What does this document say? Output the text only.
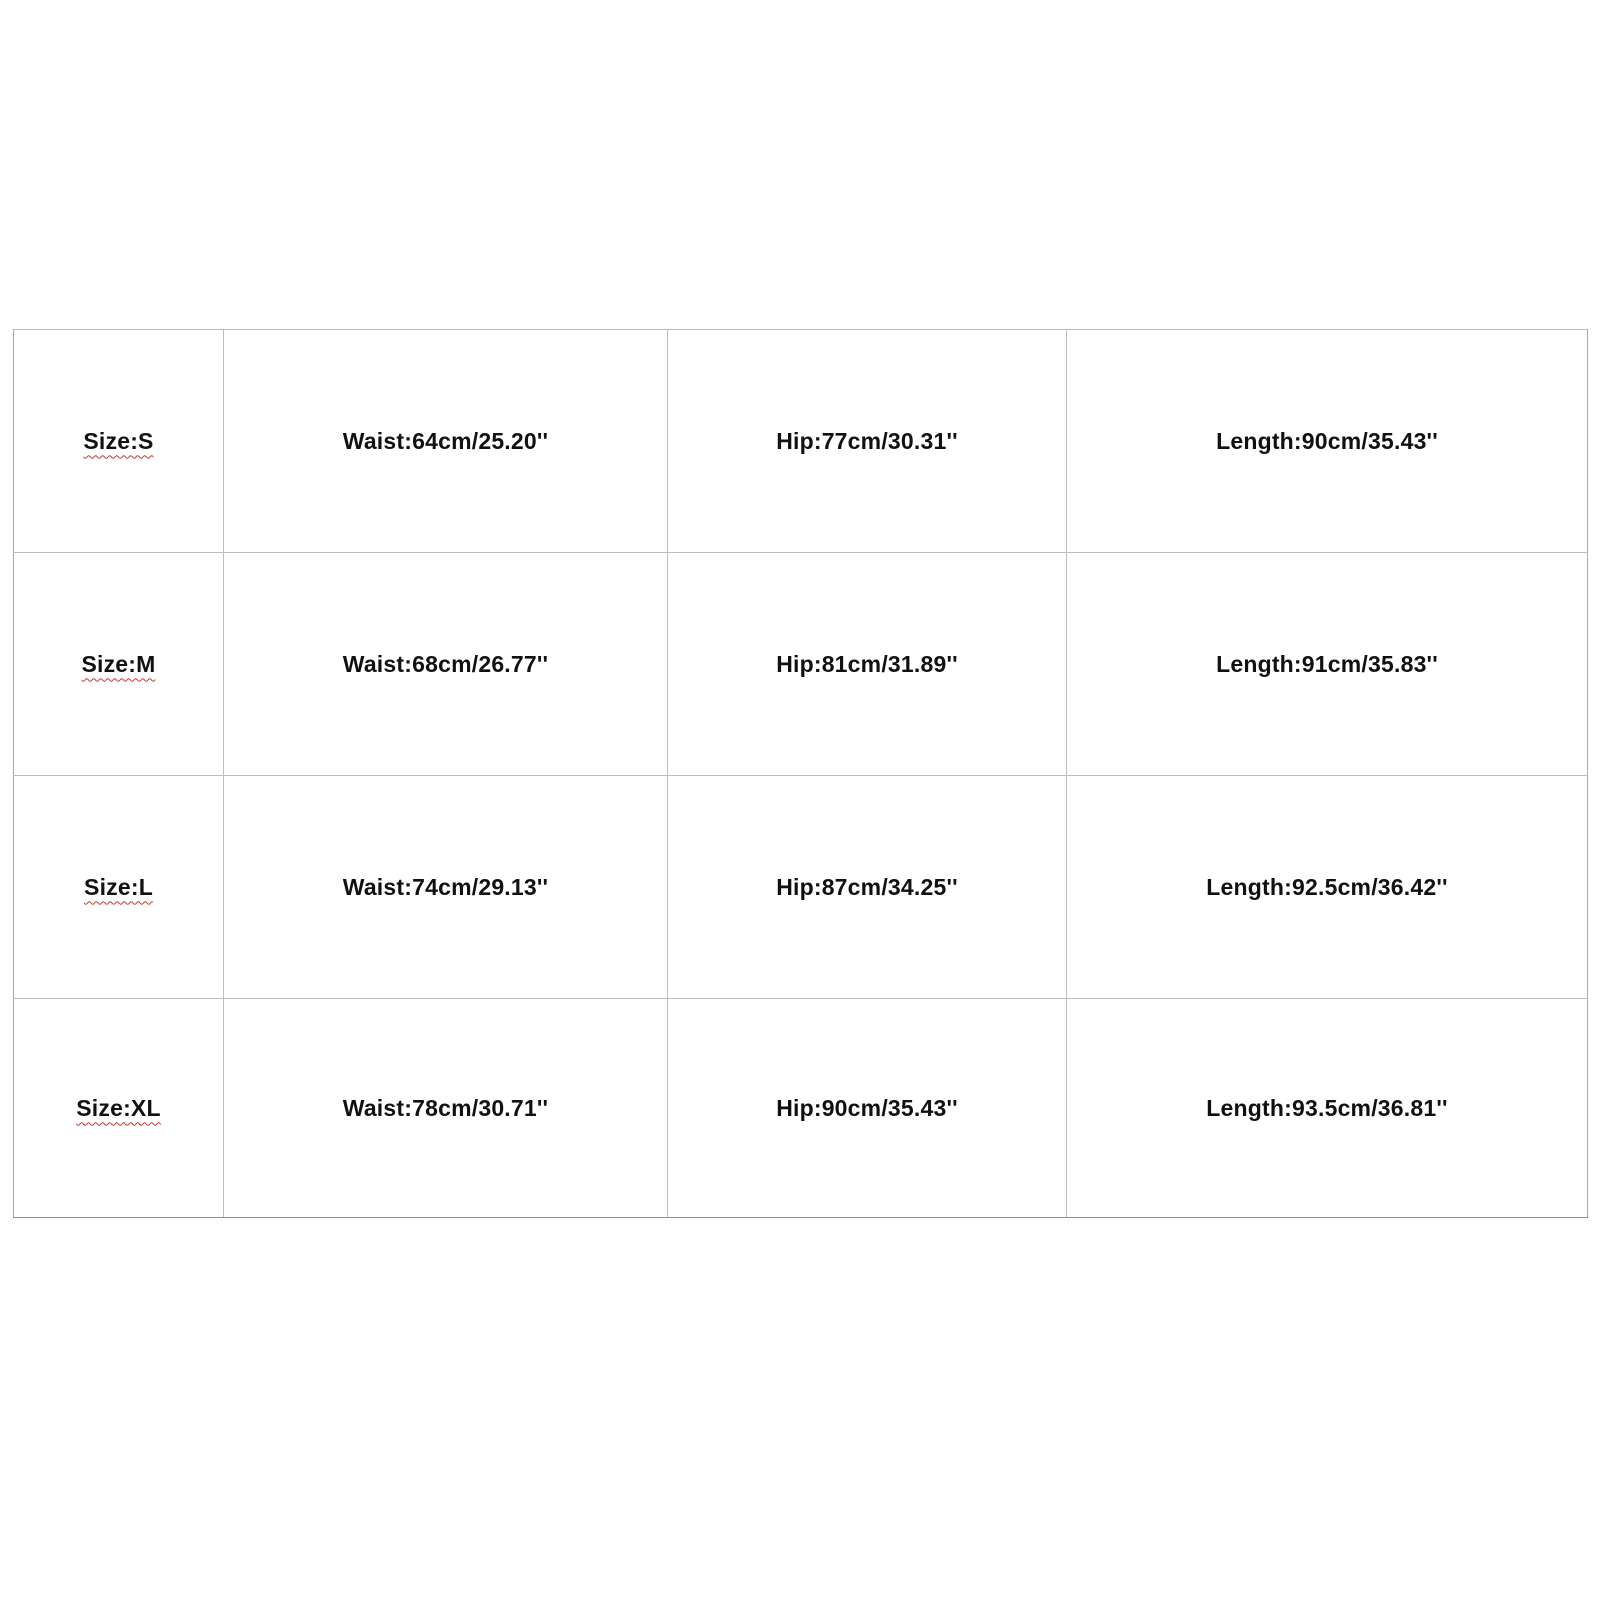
Size:S	Waist:64cm/25.20''	Hip:77cm/30.31''	Length:90cm/35.43''
Size:M	Waist:68cm/26.77''	Hip:81cm/31.89''	Length:91cm/35.83''
Size:L	Waist:74cm/29.13''	Hip:87cm/34.25''	Length:92.5cm/36.42''
Size:XL	Waist:78cm/30.71''	Hip:90cm/35.43''	Length:93.5cm/36.81''
